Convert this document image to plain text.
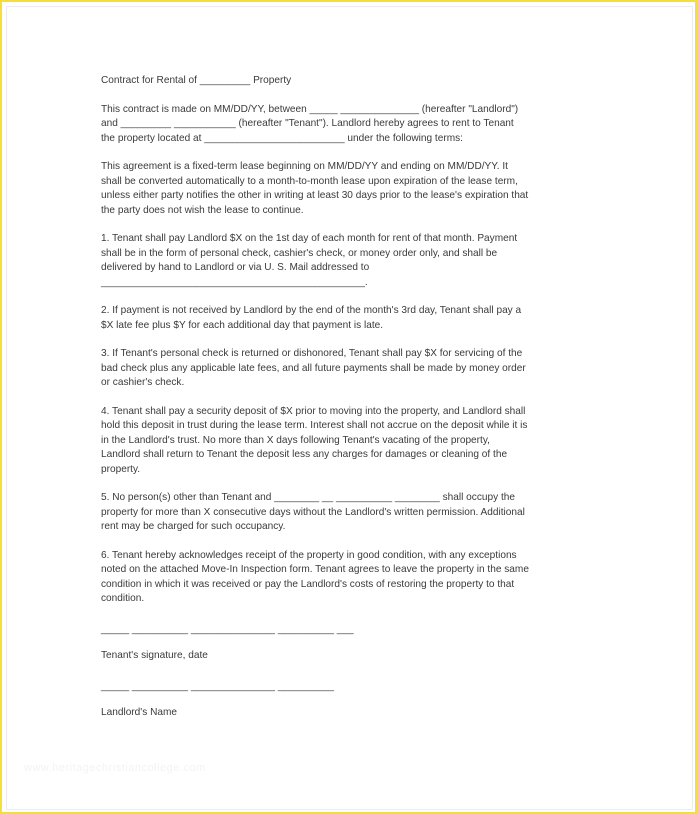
Contract for Rental of _________ Property

This contract is made on MM/DD/YY, between _____ ______________ (hereafter "Landlord")
and _________ ___________ (hereafter "Tenant"). Landlord hereby agrees to rent to Tenant
the property located at _________________________ under the following terms:

This agreement is a fixed-term lease beginning on MM/DD/YY and ending on MM/DD/YY. It
shall be converted automatically to a month-to-month lease upon expiration of the lease term,
unless either party notifies the other in writing at least 30 days prior to the lease's expiration that
the party does not wish the lease to continue.

1. Tenant shall pay Landlord $X on the 1st day of each month for rent of that month. Payment
shall be in the form of personal check, cashier's check, or money order only, and shall be
delivered by hand to Landlord or via U. S. Mail addressed to
_______________________________________________.

2. If payment is not received by Landlord by the end of the month's 3rd day, Tenant shall pay a
$X late fee plus $Y for each additional day that payment is late.

3. If Tenant's personal check is returned or dishonored, Tenant shall pay $X for servicing of the
bad check plus any applicable late fees, and all future payments shall be made by money order
or cashier's check.

4. Tenant shall pay a security deposit of $X prior to moving into the property, and Landlord shall
hold this deposit in trust during the lease term. Interest shall not accrue on the deposit while it is
in the Landlord's trust. No more than X days following Tenant's vacating of the property,
Landlord shall return to Tenant the deposit less any charges for damages or cleaning of the
property.

5. No person(s) other than Tenant and ________ __ __________ ________ shall occupy the
property for more than X consecutive days without the Landlord's written permission. Additional
rent may be charged for such occupancy.

6. Tenant hereby acknowledges receipt of the property in good condition, with any exceptions
noted on the attached Move-In Inspection form. Tenant agrees to leave the property in the same
condition in which it was received or pay the Landlord's costs of restoring the property to that
condition.

_____ __________ _______________ __________ ___

Tenant's signature, date

_____ __________ _______________ __________

Landlord's Name

www.heritagechristiancollege.com
